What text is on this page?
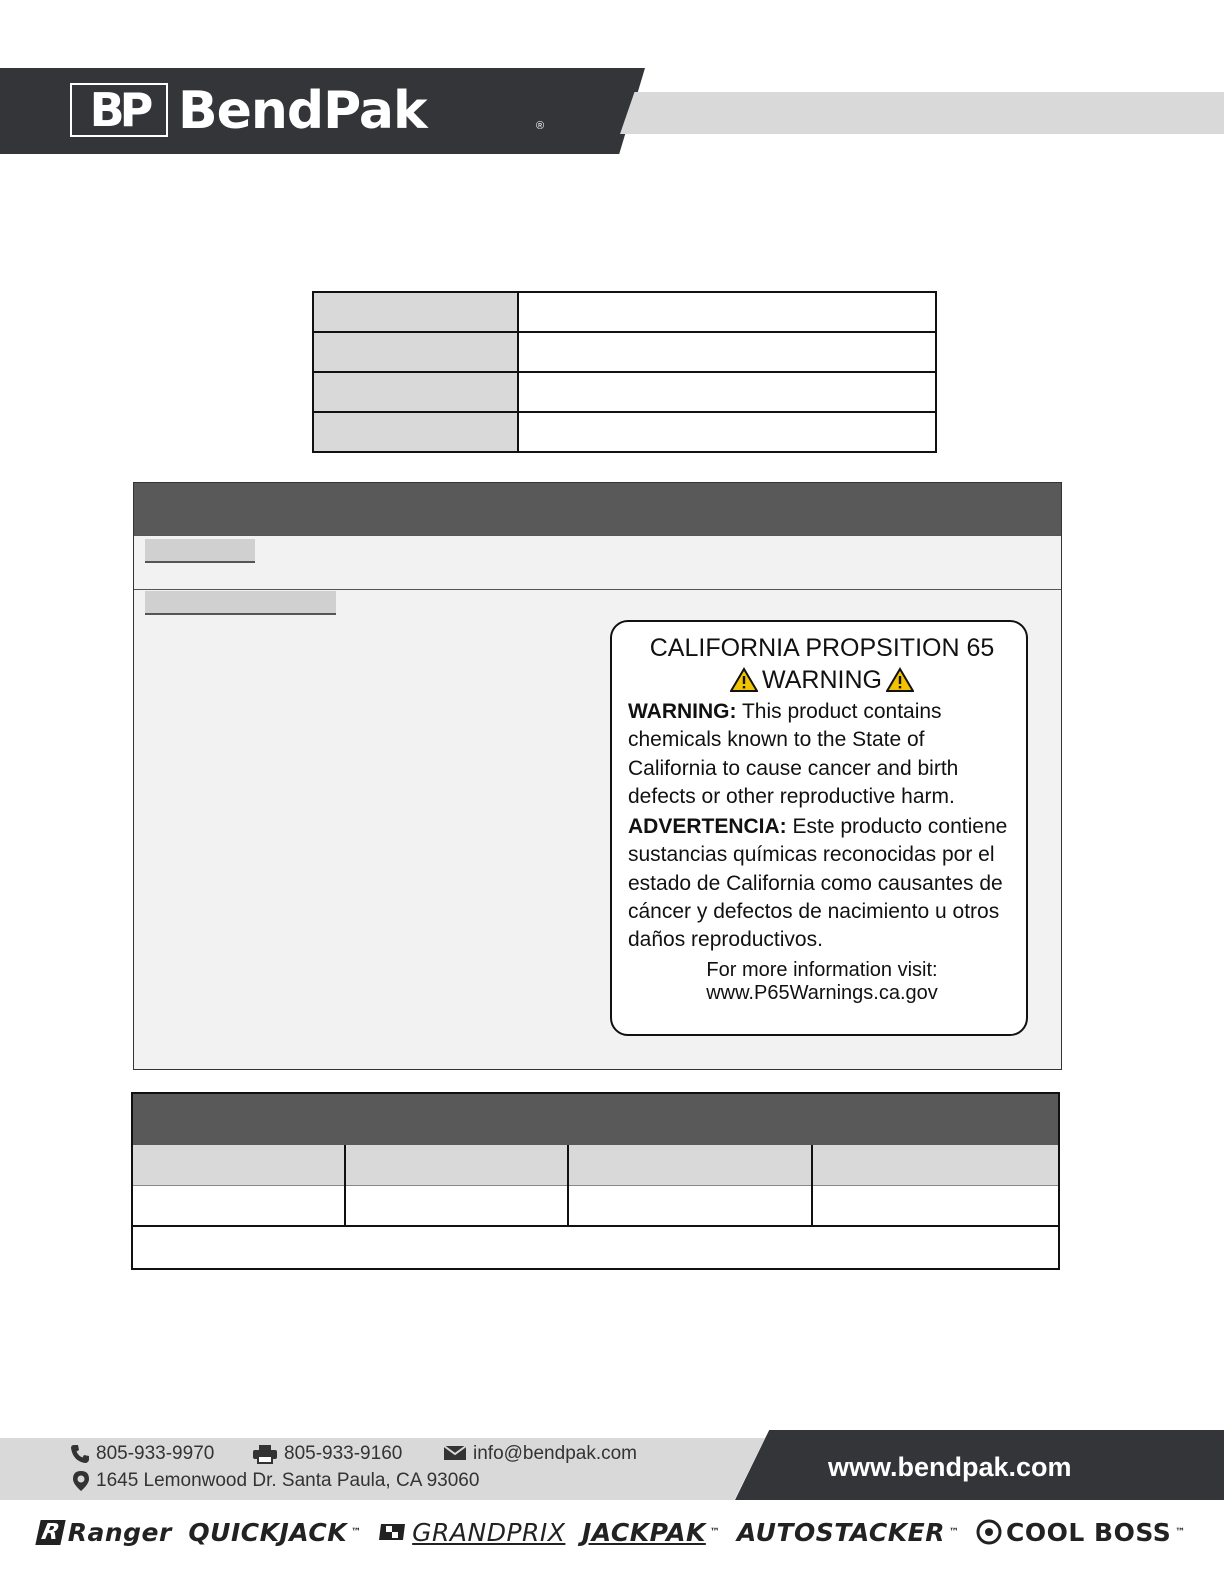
BP BendPak	®

CALIFORNIA PROPSITION 65

WARNING
WARNING: This product contains chemicals known to the State of California to cause cancer and birth defects or other reproductive harm.
ADVERTENCIA: Este producto contiene sustancias químicas reconocidas por el estado de California como causantes de cáncer y defectos de nacimiento u otros daños reproductivos.
For more information visit:
www.P65Warnings.ca.gov
www.bendpak.com
805-933-9970	805-933-9160	info@bendpak.com
1645 Lemonwood Dr. Santa Paula, CA 93060
R Ranger QUICKJACK ™ GRANDPRIX JACKPAK ™ AUTOSTACKER ™ COOL BOSS ™
